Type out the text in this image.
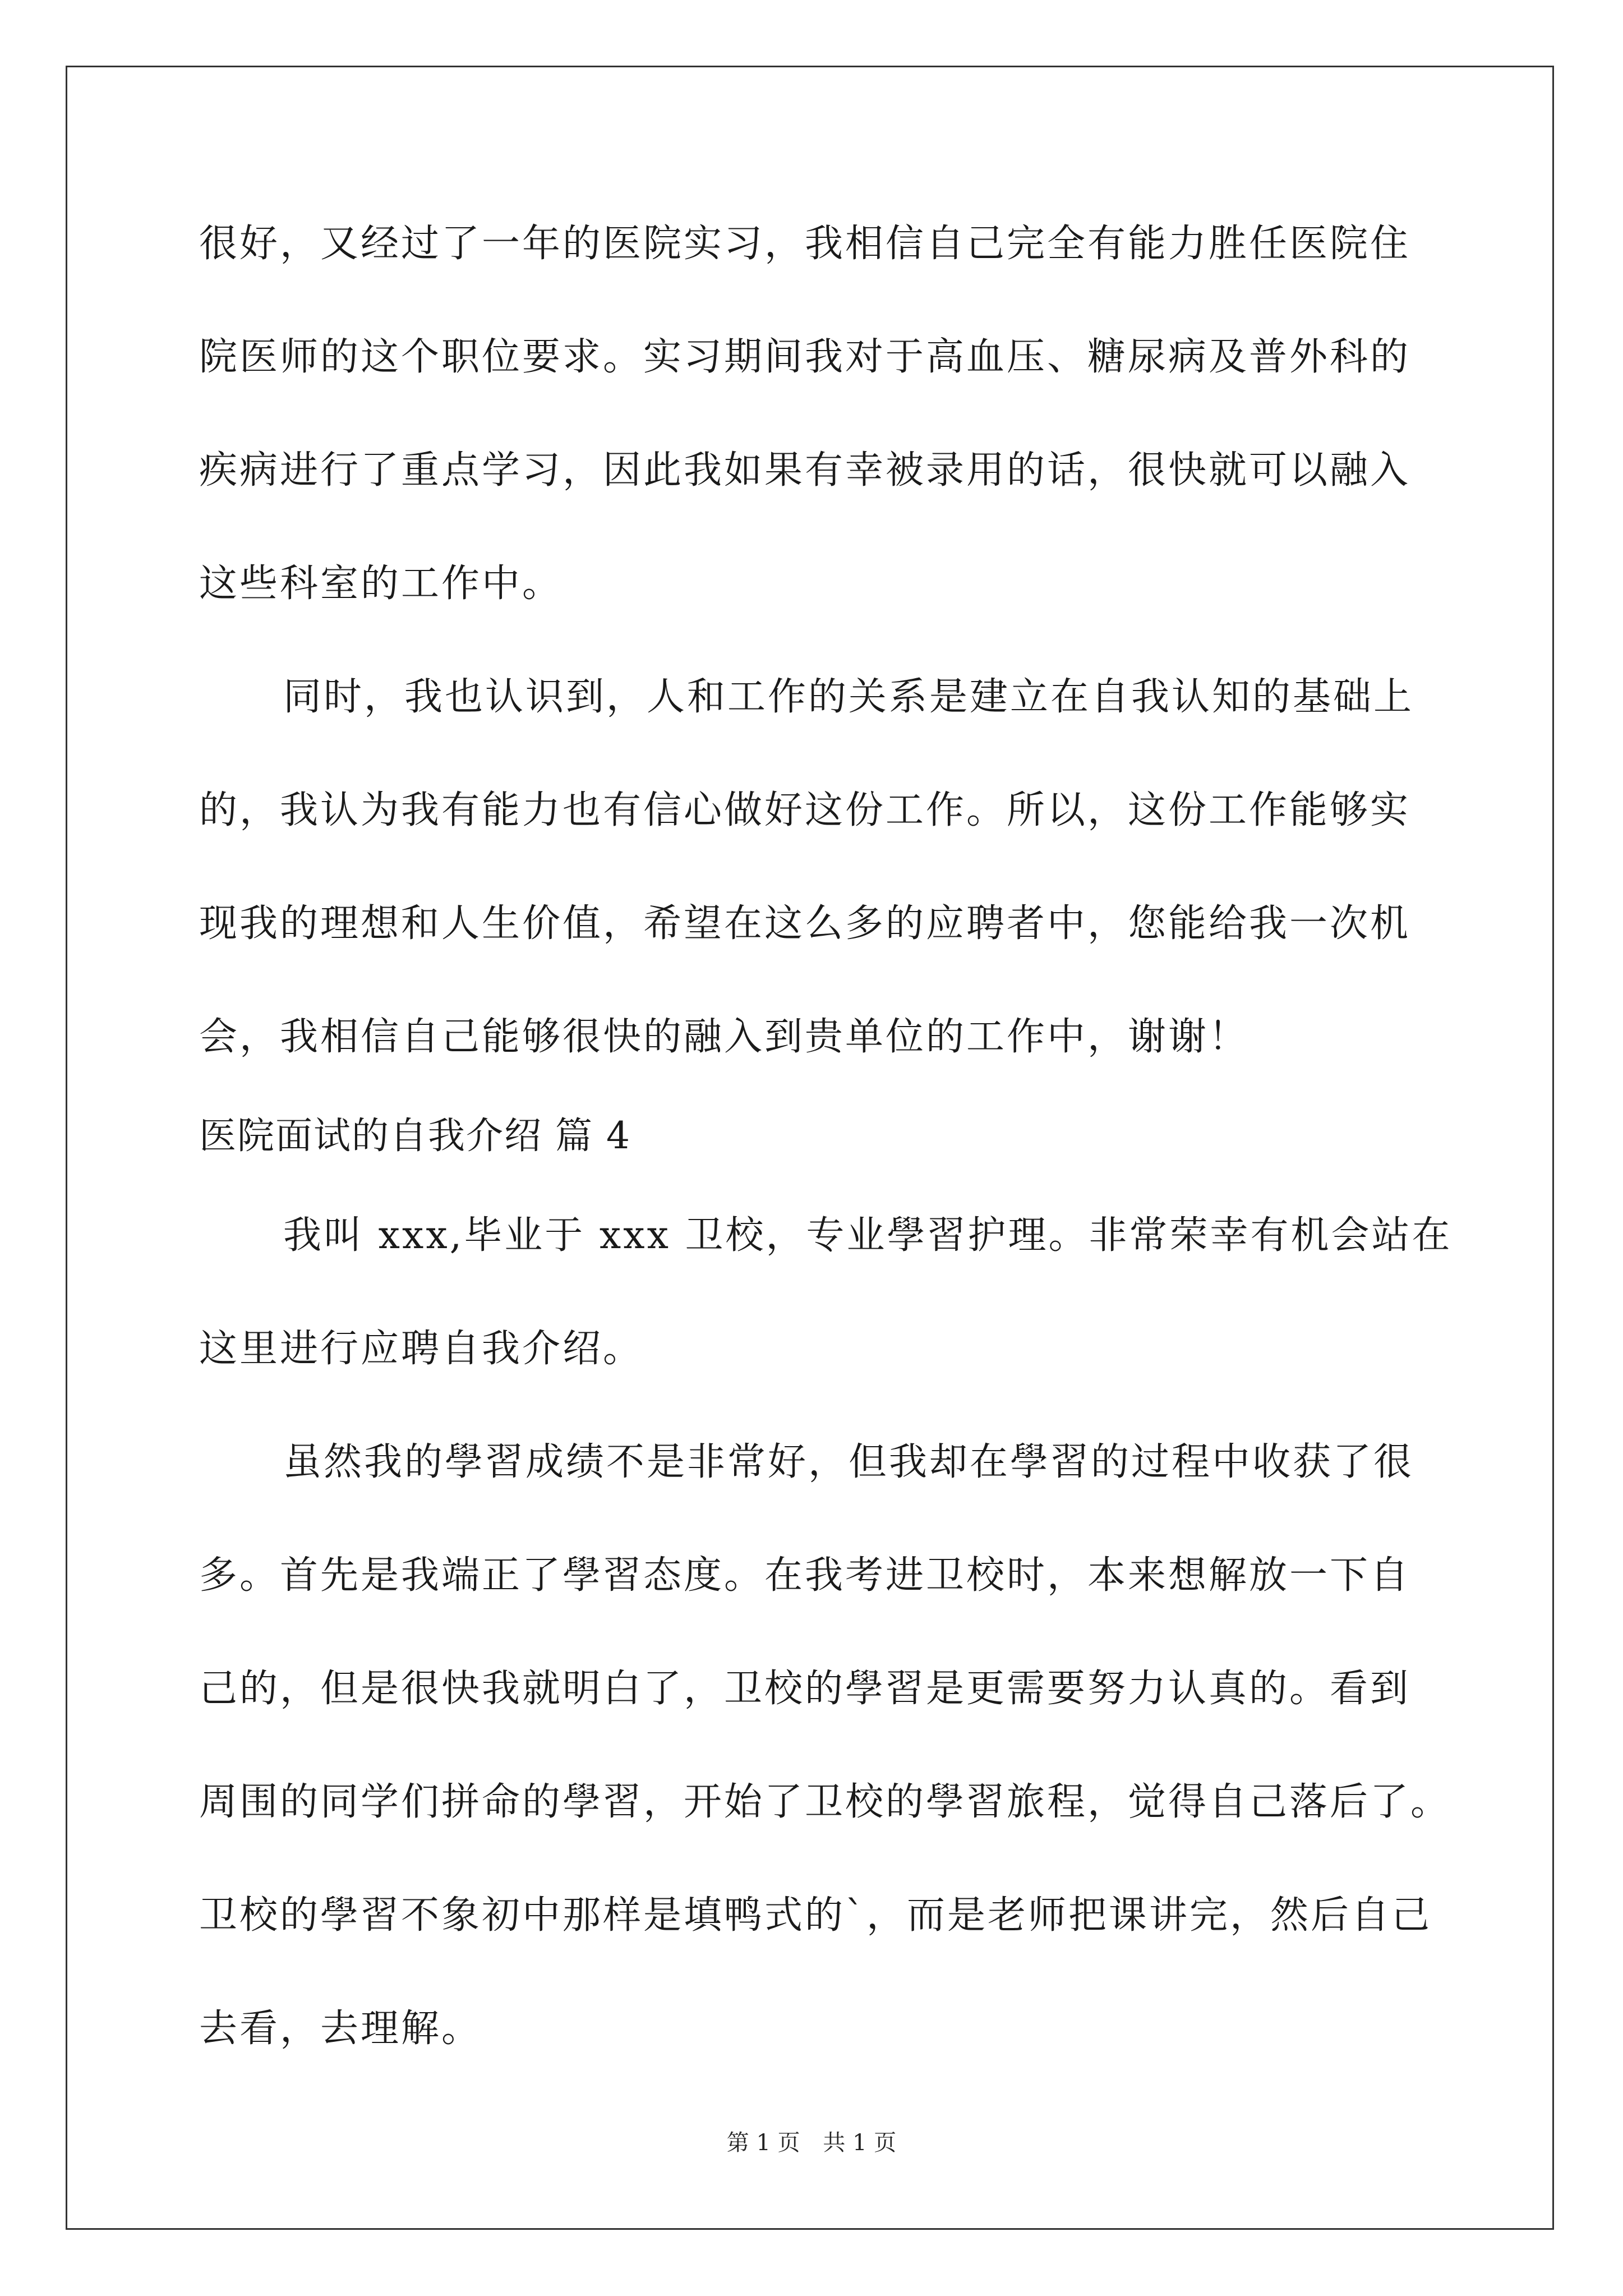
很好，又经过了一年的医院实习，我相信自己完全有能力胜任医院住
院医师的这个职位要求。实习期间我对于高血压、糖尿病及普外科的
疾病进行了重点学习，因此我如果有幸被录用的话，很快就可以融入
这些科室的工作中。
同时，我也认识到，人和工作的关系是建立在自我认知的基础上
的，我认为我有能力也有信心做好这份工作。所以，这份工作能够实
现我的理想和人生价值，希望在这么多的应聘者中，您能给我一次机
会，我相信自己能够很快的融入到贵单位的工作中，谢谢！
医院面试的自我介绍 篇 4
我叫 xxx,毕业于 xxx 卫校，专业學習护理。非常荣幸有机会站在
这里进行应聘自我介绍。
虽然我的學習成绩不是非常好，但我却在學習的过程中收获了很
多。首先是我端正了學習态度。在我考进卫校时，本来想解放一下自
己的，但是很快我就明白了，卫校的學習是更需要努力认真的。看到
周围的同学们拼命的學習，开始了卫校的學習旅程，觉得自己落后了。
卫校的學習不象初中那样是填鸭式的`，而是老师把课讲完，然后自己
去看，去理解。
第 1 页 共 1 页
